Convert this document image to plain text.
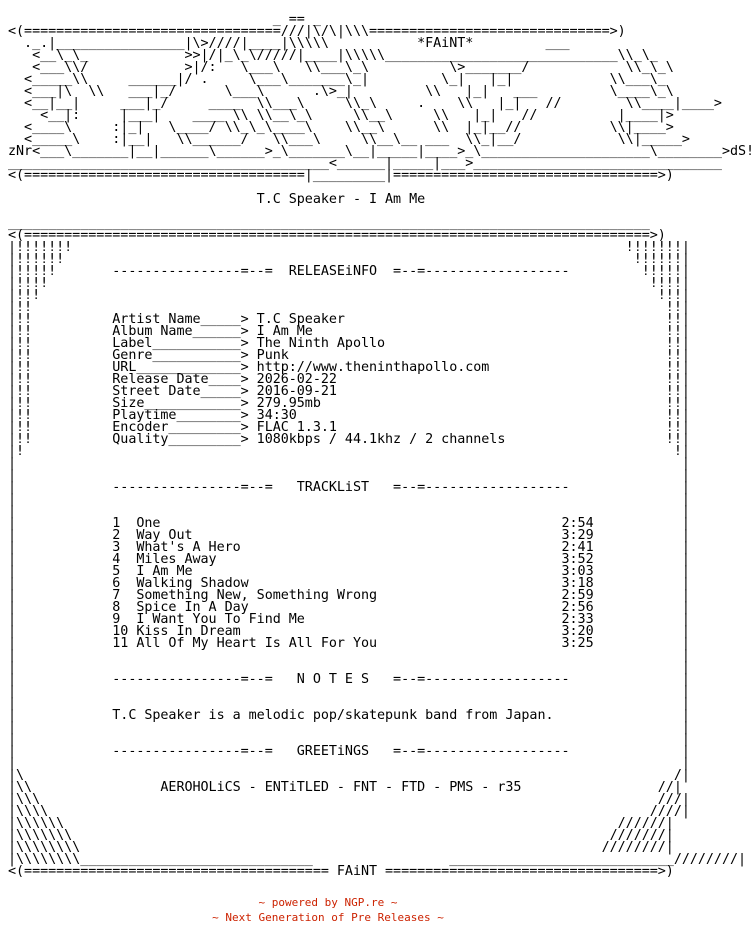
_ == _
<(================================///|\/\|\\\==============================>)
._.|________________|\>////|____|\\\\\           *FAiNT*         ___
<__\_\_            >>|/|_\_\/////|____|\\\\\_____________________________\\_\_
<___\\/            >|/:   \___\   \\___\_\          \>_______/            \\_\_\
<_____\\     ______|/ .     \___\_______\_|         \_|   |_|            \\___\_
<___|\  \\   ___|_/      \___\      .\>_|         \\   |_|   ___         \____\_\
<__|__|     ___|_/     ____  \\___\     \\_\     .    \\   |_|   //        \\____|____>
<__|:     |___|    ____ \\ \\__\_\     \\__\     \\   |_|   //          |____|>
<____\     :|_|   \____/ \\_\_\____\    \\__\      \\  |_|__//           \\|____>
<_____\    :|__|   \\______/   \\___\     \\__\__ ___  \\_|__/            \\|_____>
zNr<___\_______|__|______\______>_\_______\__|_____|____>_\_____________________\________>dS!
________________________________________<______|_____|___>_______________________________
<(===================================|_________|=================================>)
T.C Speaker - I Am Me
________________________________________________________________________________
<(==============================================================================>)
|!!!!!!!                                                                     !!!!!!!|
|!!!!!!                                                                       !!!!!!|
|!!!!!       ----------------=--=  RELEASEiNFO  =--=------------------         !!!!!|
|!!!!                                                                           !!!!|
|!!!                                                                             !!!|
|!!                                                                               !!|
|!!          Artist Name_____> T.C Speaker                                        !!|
|!!          Album Name______> I Am Me                                            !!|
|!!          Label___________> The Ninth Apollo                                   !!|
|!!          Genre___________> Punk                                               !!|
|!!          URL_____________> http://www.theninthapollo.com                      !!|
|!!          Release Date____> 2026-02-22                                         !!|
|!!          Street Date_____> 2016-09-21                                         !!|
|!!          Size____________> 279.95mb                                           !!|
|!!          Playtime________> 34:30                                              !!|
|!!          Encoder_________> FLAC 1.3.1                                         !!|
|!!          Quality_________> 1080kbps / 44.1khz / 2 channels                    !!|
|!                                                                                 !|
|                                                                                   |
|                                                                                   |
|            ----------------=--=   TRACKLiST   =--=------------------              |
|                                                                                   |
|                                                                                   |
|            1  One                                                  2:54           |
|            2  Way Out                                              3:29           |
|            3  What's A Hero                                        2:41           |
|            4  Miles Away                                           3:52           |
|            5  I Am Me                                              3:03           |
|            6  Walking Shadow                                       3:18           |
|            7  Something New, Something Wrong                       2:59           |
|            8  Spice In A Day                                       2:56           |
|            9  I Want You To Find Me                                2:33           |
|            10 Kiss In Dream                                        3:20           |
|            11 All Of My Heart Is All For You                       3:25           |
|                                                                                   |
|                                                                                   |
|            ----------------=--=   N O T E S   =--=------------------              |
|                                                                                   |
|                                                                                   |
|            T.C Speaker is a melodic pop/skatepunk band from Japan.                |
|                                                                                   |
|                                                                                   |
|            ----------------=--=   GREETiNGS   =--=------------------              |
|                                                                                   |
|\                                                                                 /|
|\\                AEROHOLiCS - ENTiTLED - FNT - FTD - PMS - r35                 //|
|\\\                                                                             ///|
|\\\\                                                                           ////|
|\\\\\\                                                                     //////|
|\\\\\\\                                                                   ///////|
|\\\\\\\\                                                                 ////////|
|\\\\\\\\_____________________________                 ____________________________////////|
<(====================================== FAiNT ==================================>)
~ powered by NGP.re ~
~ Next Generation of Pre Releases ~
